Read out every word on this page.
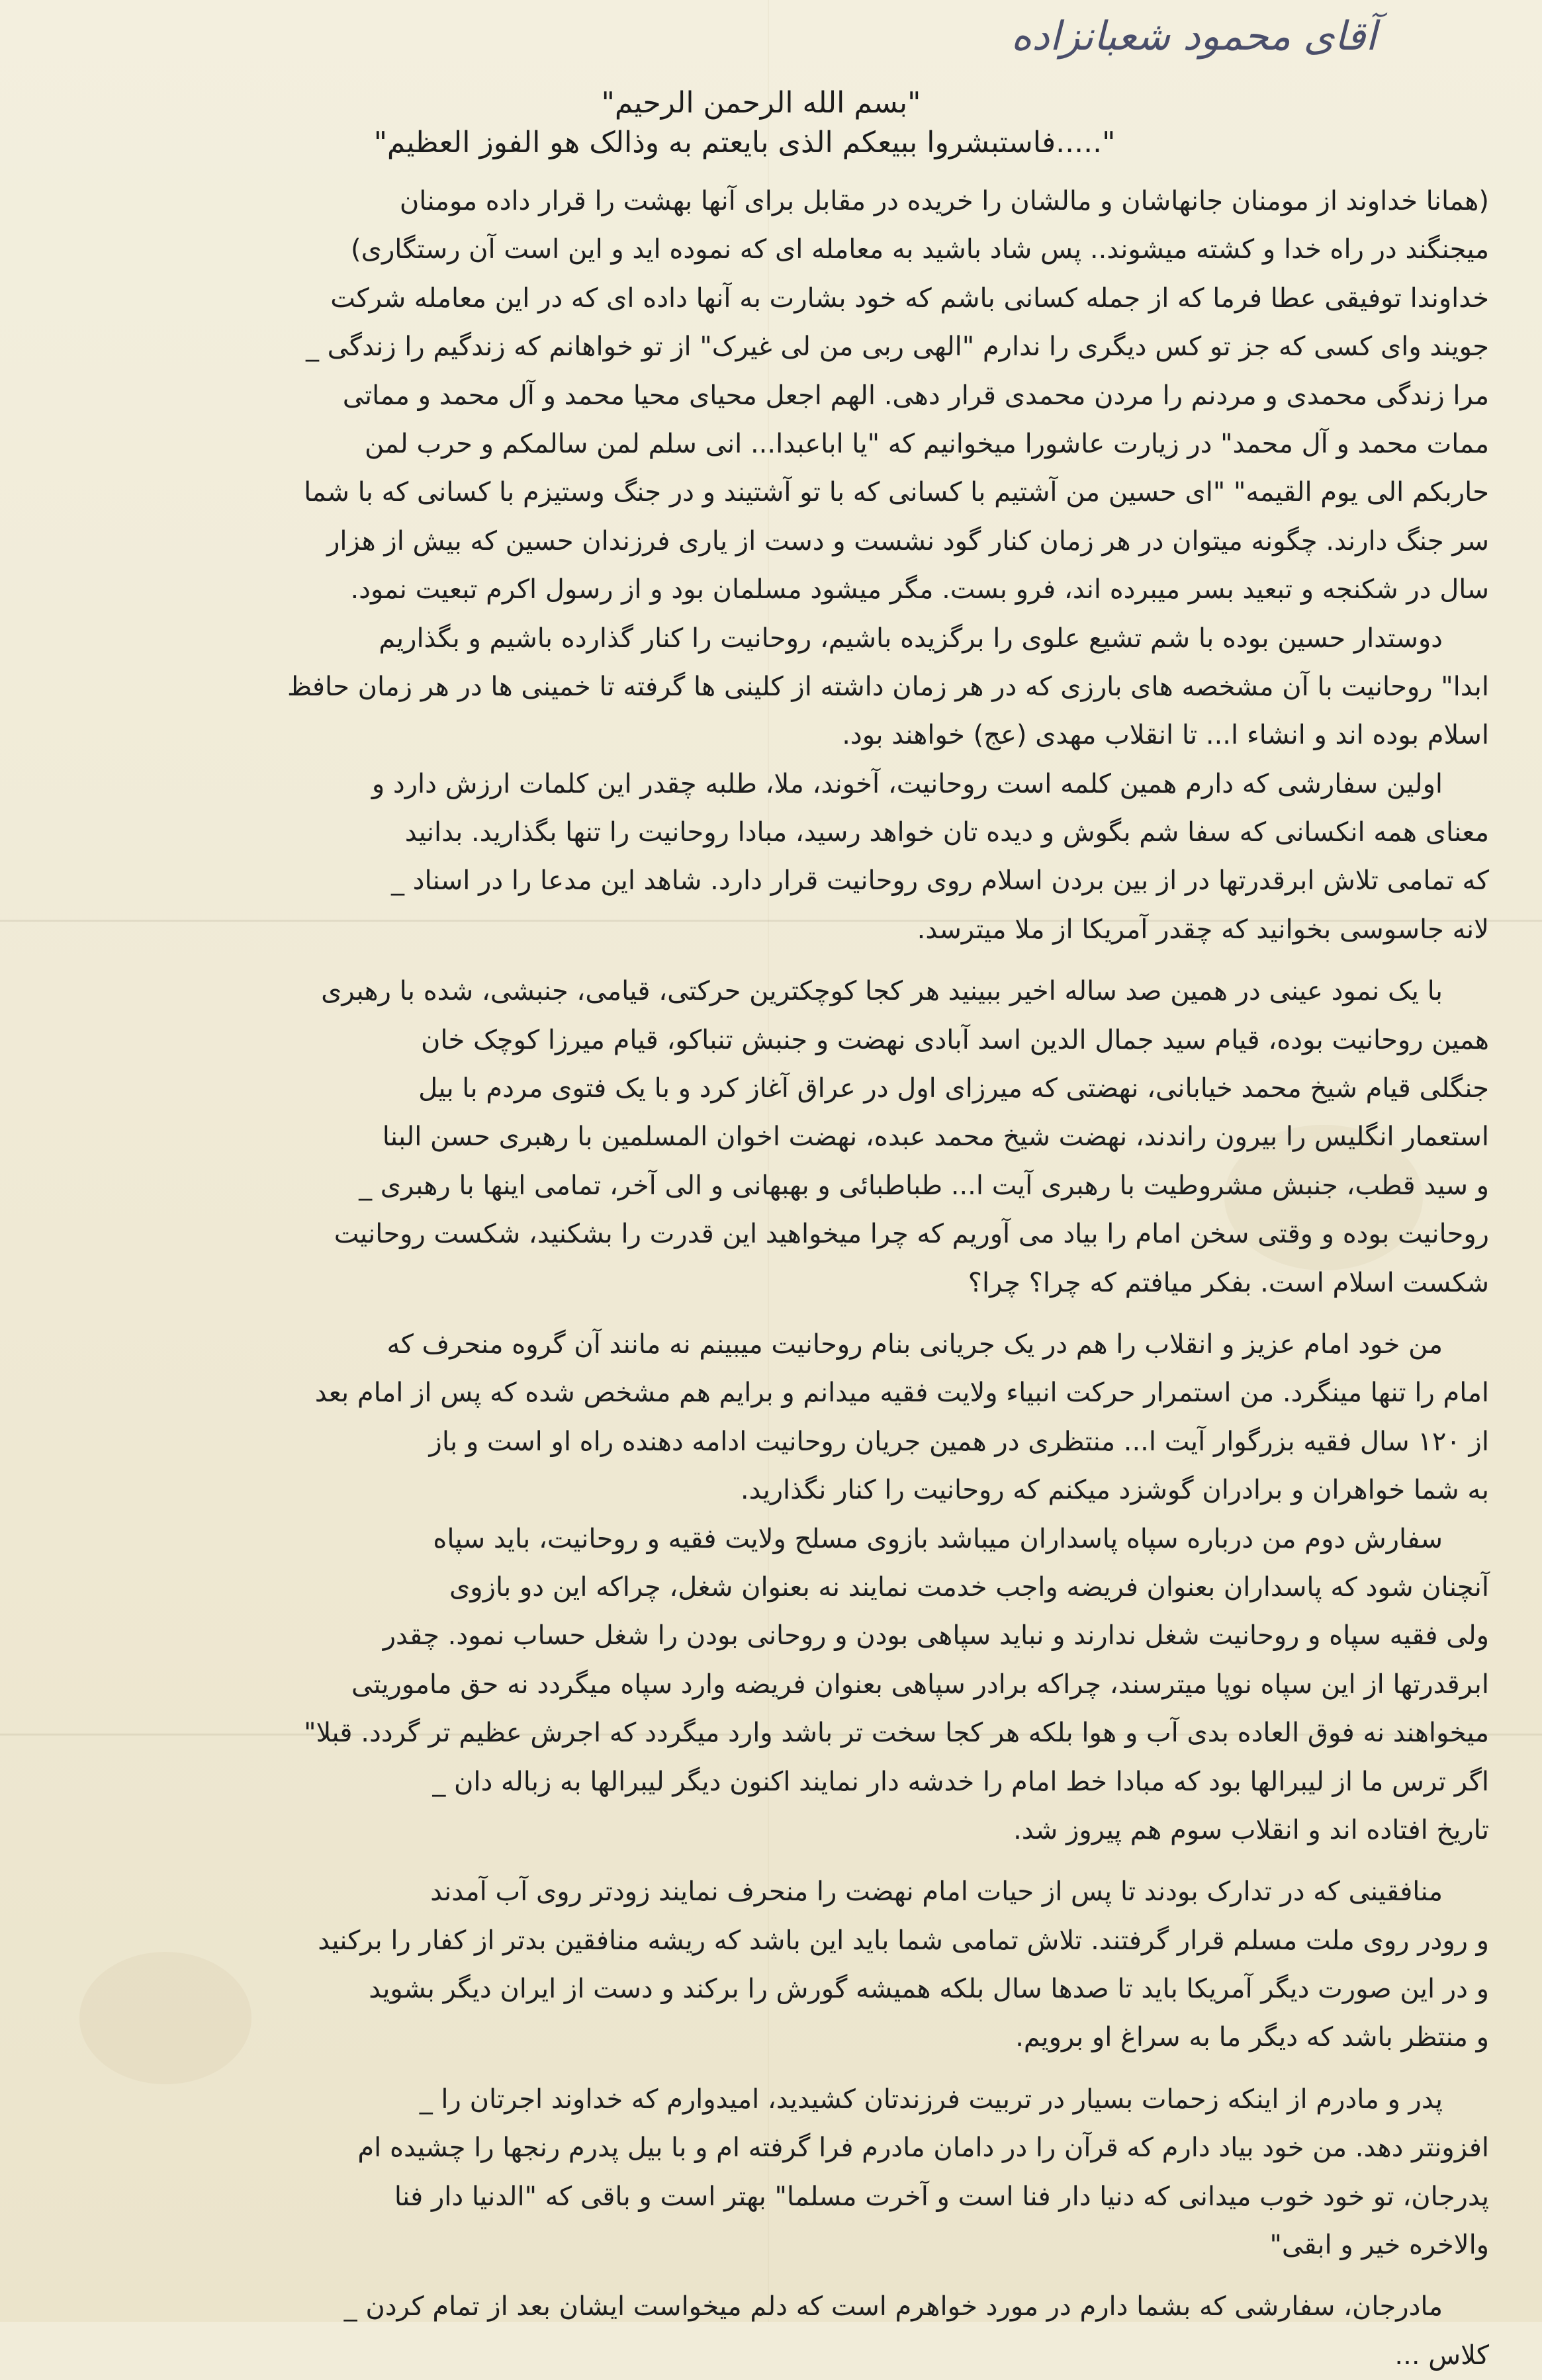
آقای محمود شعبانزاده
"بسم الله الرحمن الرحیم"
".....فاستبشروا ببیعکم الذی بایعتم به وذالک هو الفوز العظیم"
(همانا خداوند از مومنان جانهاشان و مالشان را خریده در مقابل برای آنها بهشت را قرار داده مومنان
میجنگند در راه خدا و کشته میشوند.. پس شاد باشید به معامله ای که نموده اید و این است آن رستگاری)
خداوندا توفیقی عطا فرما که از جمله کسانی باشم که خود بشارت به آنها داده ای که در این معامله شرکت
جویند وای کسی که جز تو کس دیگری را ندارم "الهی ربی من لی غیرک" از تو خواهانم که زندگیم را زندگی _
مرا زندگی محمدی و مردنم را مردن محمدی قرار دهی. الهم اجعل محیای محیا محمد و آل محمد و مماتی
ممات محمد و آل محمد" در زیارت عاشورا میخوانیم که "یا اباعبدا... انی سلم لمن سالمکم و حرب لمن
حاربکم الی یوم القیمه" "ای حسین من آشتیم با کسانی که با تو آشتیند و در جنگ وستیزم با کسانی که با شما
سر جنگ دارند. چگونه میتوان در هر زمان کنار گود نشست و دست از یاری فرزندان حسین که بیش از هزار
سال در شکنجه و تبعید بسر میبرده اند، فرو بست. مگر میشود مسلمان بود و از رسول اکرم تبعیت نمود.
دوستدار حسین بوده با شم تشیع علوی را برگزیده باشیم، روحانیت را کنار گذارده باشیم و بگذاریم
ابدا" روحانیت با آن مشخصه های بارزی که در هر زمان داشته از کلینی ها گرفته تا خمینی ها در هر زمان حافظ
اسلام بوده اند و انشاء ا... تا انقلاب مهدی (عج) خواهند بود.
اولین سفارشی که دارم همین کلمه است روحانیت، آخوند، ملا، طلبه چقدر این کلمات ارزش دارد و
معنای همه انکسانی که سفا شم بگوش و دیده تان خواهد رسید، مبادا روحانیت را تنها بگذارید. بدانید
که تمامی تلاش ابرقدرتها در از بین بردن اسلام روی روحانیت قرار دارد. شاهد این مدعا را در اسناد _
لانه جاسوسی بخوانید که چقدر آمریکا از ملا میترسد.
با یک نمود عینی در همین صد ساله اخیر ببینید هر کجا کوچکترین حرکتی، قیامی، جنبشی، شده با رهبری
همین روحانیت بوده، قیام سید جمال الدین اسد آبادی نهضت و جنبش تنباکو، قیام میرزا کوچک خان
جنگلی قیام شیخ محمد خیابانی، نهضتی که میرزای اول در عراق آغاز کرد و با یک فتوی مردم با بیل
استعمار انگلیس را بیرون راندند، نهضت شیخ محمد عبده، نهضت اخوان المسلمین با رهبری حسن البنا
و سید قطب، جنبش مشروطیت با رهبری آیت ا... طباطبائی و بهبهانی و الی آخر، تمامی اینها با رهبری _
روحانیت بوده و وقتی سخن امام را بیاد می آوریم که چرا میخواهید این قدرت را بشکنید، شکست روحانیت
شکست اسلام است. بفکر میافتم که چرا؟ چرا؟
من خود امام عزیز و انقلاب را هم در یک جریانی بنام روحانیت میبینم نه مانند آن گروه منحرف که
امام را تنها مینگرد. من استمرار حرکت انبیاء ولایت فقیه میدانم و برایم هم مشخص شده که پس از امام بعد
از ۱۲۰ سال فقیه بزرگوار آیت ا... منتظری در همین جریان روحانیت ادامه دهنده راه او است و باز
به شما خواهران و برادران گوشزد میکنم که روحانیت را کنار نگذارید.
سفارش دوم من درباره سپاه پاسداران میباشد بازوی مسلح ولایت فقیه و روحانیت، باید سپاه
آنچنان شود که پاسداران بعنوان فریضه واجب خدمت نمایند نه بعنوان شغل، چراکه این دو بازوی
ولی فقیه سپاه و روحانیت شغل ندارند و نباید سپاهی بودن و روحانی بودن را شغل حساب نمود. چقدر
ابرقدرتها از این سپاه نوپا میترسند، چراکه برادر سپاهی بعنوان فریضه وارد سپاه میگردد نه حق ماموریتی
میخواهند نه فوق العاده بدی آب و هوا بلکه هر کجا سخت تر باشد وارد میگردد که اجرش عظیم تر گردد. قبلا"
اگر ترس ما از لیبرالها بود که مبادا خط امام را خدشه دار نمایند اکنون دیگر لیبرالها به زباله دان _
تاریخ افتاده اند و انقلاب سوم هم پیروز شد.
منافقینی که در تدارک بودند تا پس از حیات امام نهضت را منحرف نمایند زودتر روی آب آمدند
و رودر روی ملت مسلم قرار گرفتند. تلاش تمامی شما باید این باشد که ریشه منافقین بدتر از کفار را برکنید
و در این صورت دیگر آمریکا باید تا صدها سال بلکه همیشه گورش را برکند و دست از ایران دیگر بشوید
و منتظر باشد که دیگر ما به سراغ او برویم.
پدر و مادرم از اینکه زحمات بسیار در تربیت فرزندتان کشیدید، امیدوارم که خداوند اجرتان را _
افزونتر دهد. من خود بیاد دارم که قرآن را در دامان مادرم فرا گرفته ام و با بیل پدرم رنجها را چشیده ام
پدرجان، تو خود خوب میدانی که دنیا دار فنا است و آخرت مسلما" بهتر است و باقی که "الدنیا دار فنا
والاخره خیر و ابقی"
مادرجان، سفارشی که بشما دارم در مورد خواهرم است که دلم میخواست ایشان بعد از تمام کردن _
کلاس ...
